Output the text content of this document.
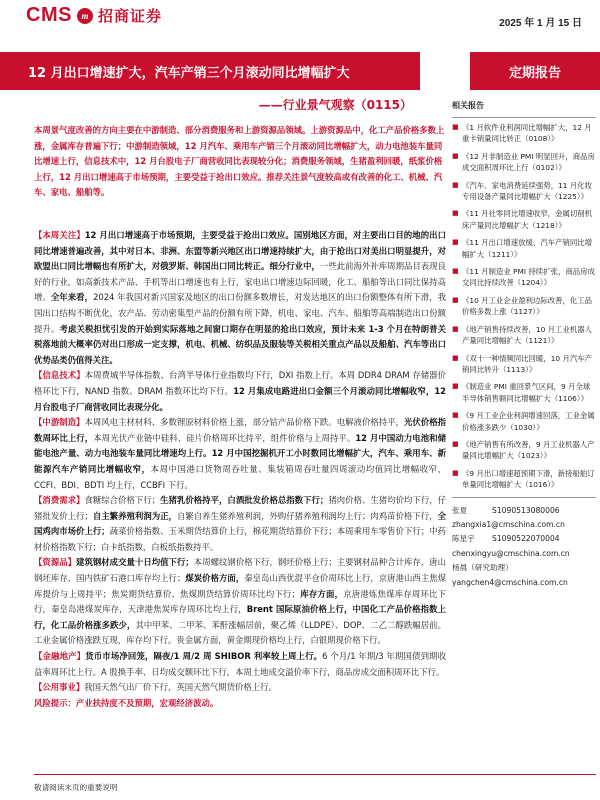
CMS	m 招商证券	2025 年 1 月 15 日
12 月出口增速扩大，汽车产销三个月滚动同比增幅扩大	定期报告
——行业景气观察（0115）
本周景气度改善的方向主要在中游制造、部分消费服务和上游资源品领域。上游资源品中，化工产品价格多数上涨，金属库存普遍下行；中游制造领域，12 月汽车、乘用车产销三个月滚动同比增幅扩大，动力电池装车量同比增速上行，信息技术中，12 月台股电子厂商营收同比表现较分化；消费服务领域，生猪盈利回暖，纸浆价格上行，12 月出口增速高于市场预期，主要受益于抢出口效应。推荐关注景气度较高或有改善的化工、机械、汽车、家电、船舶等。
【本周关注】12 月出口增速高于市场预期，主要受益于抢出口效应。国别地区方面，对主要出口目的地的出口同比增速普遍改善，其中对日本、非洲、东盟等新兴地区出口增速持续扩大，由于抢出口对美出口明显提升，对欧盟出口同比增幅也有所扩大，对俄罗斯、韩国出口同比转正。细分行业中，一些此前海外补库周期品目表现良好的行业，如高新技术产品、手机等出口增速也有上行，家电出口增速边际回暖，化工、船舶等出口同比保持高增。全年来看，2024 年我国对新兴国家及地区的出口份额多数增长，对发达地区的出口份额整体有所下滑，我国出口结构不断优化，农产品、劳动密集型产品的份额有所下降，机电、家电、汽车、船舶等高端制造出口份额提升。考虑关税担忧引发的开始到实际落地之间窗口期存在明显的抢出口效应，预计未来 1-3 个月在特朗普关税落地前大概率仍对出口形成一定支撑，机电、机械、纺织品及服装等关税相关重点产品以及船舶、汽车等出口优势品类仍值得关注。
【信息技术】本周费城半导体指数、台湾半导体行业指数均下行，DXI 指数上行。本周 DDR4 DRAM 存储器价格环比下行，NAND 指数、DRAM 指数环比均下行。12 月集成电路进出口金额三个月滚动同比增幅收窄，12 月台股电子厂商营收同比表现分化。
【中游制造】本周风电主材材料、多数锂原材料价格上涨，部分钴产品价格下跌。电解液价格持平，光伏价格指数周环比上行，本周光伏产业链中硅料、硅片价格周环比持平，组件价格与上周持平。12 月中国动力电池和储能电池产量、动力电池装车量同比增速均上行。12 月中国挖掘机开工小时数同比增幅扩大，汽车、乘用车、新能源汽车产销同比增幅收窄，本周中国港口货物周吞吐量、集装箱周吞吐量四周滚动均值同比增幅收窄，CCFI、BDI、BDTI 均上行，CCBFI 下行。
【消费需求】食糖综合价格下行；生猪乳价格持平，白酒批发价格总指数下行；猪肉价格、生猪均价均下行，仔猪批发价上行；自主繁养殖利润为正，自繁自养生猪养殖利润，外购仔猪养殖利润均上行；肉鸡苗价格下行，全国鸡肉市场价上行；蔬菜价格指数、玉米期货结算价上行，棉花期货结算价下行；本周乘用车零售价下行；中药材价格指数下行；白卡纸指数，白板纸指数持平。
【资源品】建筑钢材成交量十日均值下行；本周螺纹钢价格下行，钢坯价格上行；主要钢材品种合计库存、唐山钢坯库存、国内铁矿石港口库存均上行；煤炭价格方面，秦皇岛山西优混平仓价周环比上行，京唐港山西主焦煤库提价与上周持平；焦炭期货结算价、焦煤期货结算价周环比均下行；库存方面，京唐港炼焦煤库存周环比下行，秦皇岛港煤炭库存，天津港焦炭库存周环比均上行，Brent 国际原油价格上行，中国化工产品价格指数上行，化工品价格涨多跌少，其中甲苯、二甲苯、苯酐涨幅居前，聚乙烯（LLDPE）、DOP、二乙二醇跌幅居前。工业金属价格涨跌互现，库存均下行。贵金属方面，黄金期现价格均上行，白银期现价格下行。
【金融地产】货币市场净回笼，隔夜/1 周/2 周 SHIBOR 利率较上周上行。6 个月/1 年期/3 年期国债到期收益率周环比上行。A 股换手率、日均成交额环比下行，本周土地成交溢价率下行，商品房成交面积周环比下行。
【公用事业】我国天然气出厂价下行，英国天然气期货价格上行。
风险提示：产业扶持度不及预期，宏观经济波动。
相关报告
■ 《1 月软件业利润同比增幅扩大，12 月重卡销量同比转正（0108）》
■ 《12 月非制造业 PMI 明显回升，商品房成交面积周环比上行（0102）》
■ 《汽车、家电消费延续强势，11 月化妆专用设备产量同比增幅扩大（1225）》
■ 《11 月社零同比增速收窄，金属切削机床产量同比增幅扩大（1218）》
■ 《11 月出口增速放缓，汽车产销同比增幅扩大（1211）》
■ 《11 月制造业 PMI 持续扩张，商品房成交同比持续改善（1204）》
■ 《10 月工业企业盈利边际改善，化工品价格多数上涨（1127）》
■ 《地产销售持续改善，10 月工业机器人产量同比增幅扩大（1121）》
■ 《双十一种情频同比回暖，10 月汽车产销同比转升（1113）》
■ 《制造业 PMI 重回景气区间，9 月全球半导体销售额同比增幅扩大（1106）》
■ 《9 月工业企业利润增速回落，工业金属价格涨多跌少（1030）》
■ 《地产销售有所改善，9 月工业机器人产量同比增幅扩大（1023）》
■ 《9 月出口增速超预期下滑，新接船舶订单量同比增幅扩大（1016）》
张夏	S1090513080006
zhangxia1@cmschina.com.cn
陈星宇	S1090522070004
chenxingyu@cmschina.com.cn
杨晨（研究助理）
yangchen4@cmschina.com.cn
敬请阅读末页的重要说明
